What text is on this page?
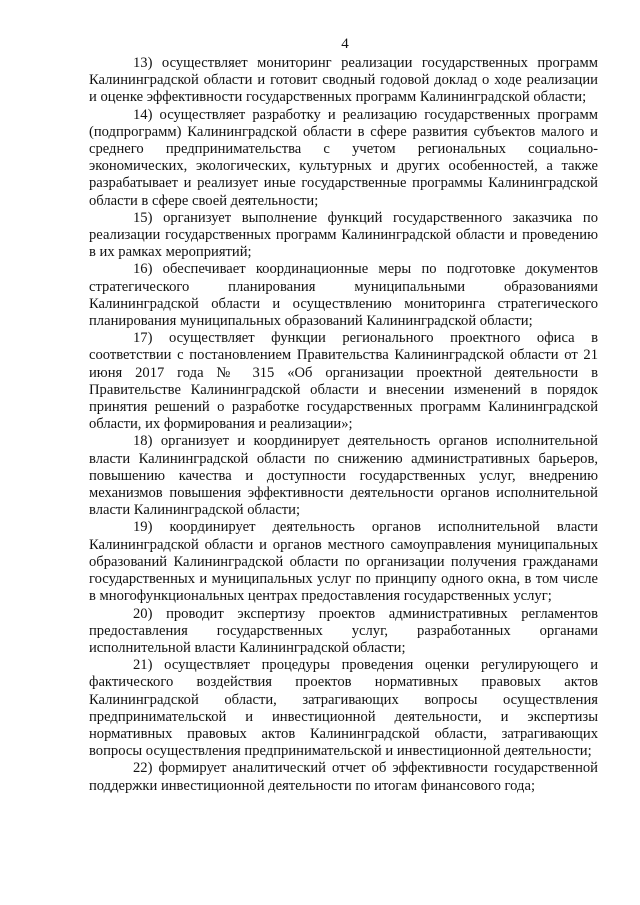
4

13) осуществляет мониторинг реализации государственных программ Калининградской области и готовит сводный годовой доклад о ходе реализации и оценке эффективности государственных программ Калининградской области;

14) осуществляет разработку и реализацию государственных программ (подпрограмм) Калининградской области в сфере развития субъектов малого и среднего предпринимательства с учетом региональных социально-экономических, экологических, культурных и других особенностей, а также разрабатывает и реализует иные государственные программы Калининградской области в сфере своей деятельности;

15) организует выполнение функций государственного заказчика по реализации государственных программ Калининградской области и проведению в их рамках мероприятий;

16) обеспечивает координационные меры по подготовке документов стратегического планирования муниципальными образованиями Калининградской области и осуществлению мониторинга стратегического планирования муниципальных образований Калининградской области;

17) осуществляет функции регионального проектного офиса в соответствии с постановлением Правительства Калининградской области от 21 июня 2017 года № 315 «Об организации проектной деятельности в Правительстве Калининградской области и внесении изменений в порядок принятия решений о разработке государственных программ Калининградской области, их формирования и реализации»;

18) организует и координирует деятельность органов исполнительной власти Калининградской области по снижению административных барьеров, повышению качества и доступности государственных услуг, внедрению механизмов повышения эффективности деятельности органов исполнительной власти Калининградской области;

19) координирует деятельность органов исполнительной власти Калининградской области и органов местного самоуправления муниципальных образований Калининградской области по организации получения гражданами государственных и муниципальных услуг по принципу одного окна, в том числе в многофункциональных центрах предоставления государственных услуг;

20) проводит экспертизу проектов административных регламентов предоставления государственных услуг, разработанных органами исполнительной власти Калининградской области;

21) осуществляет процедуры проведения оценки регулирующего и фактического воздействия проектов нормативных правовых актов Калининградской области, затрагивающих вопросы осуществления предпринимательской и инвестиционной деятельности, и экспертизы нормативных правовых актов Калининградской области, затрагивающих вопросы осуществления предпринимательской и инвестиционной деятельности;

22) формирует аналитический отчет об эффективности государственной поддержки инвестиционной деятельности по итогам финансового года;
